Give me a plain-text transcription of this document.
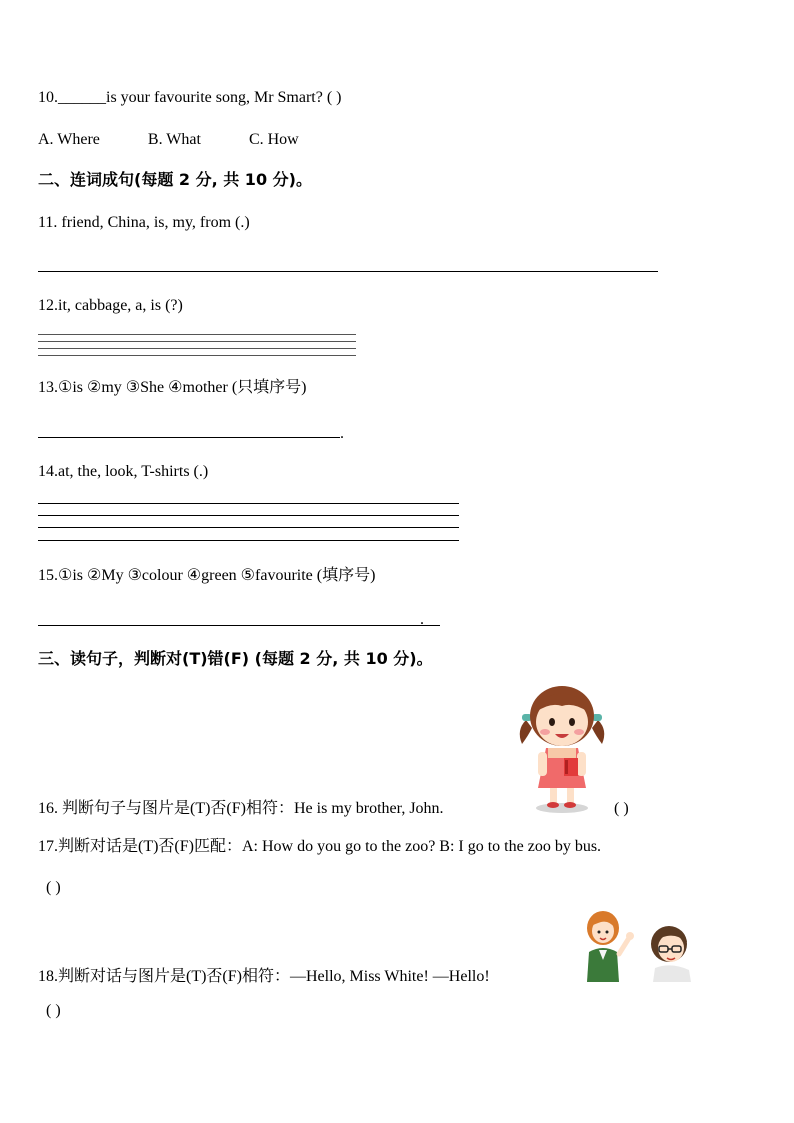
10.______is your favourite song, Mr Smart? ( )
A. Where	B. What	C. How
二、连词成句(每题 2 分, 共 10 分)。
11. friend, China, is, my, from (.)
12.it, cabbage, a, is (?)
13.①is ②my ③She ④mother (只填序号)
.
14.at, the, look, T-shirts (.)
15.①is ②My ③colour ④green ⑤favourite (填序号)
.
三、读句子，判断对(T)错(F) (每题 2 分, 共 10 分)。
16. 判断句子与图片是(T)否(F)相符：He is my brother, John.	( )
17.判断对话是(T)否(F)匹配：A: How do you go to the zoo? B: I go to the zoo by bus.
( )
18.判断对话与图片是(T)否(F)相符：—Hello, Miss White! —Hello!
( )
